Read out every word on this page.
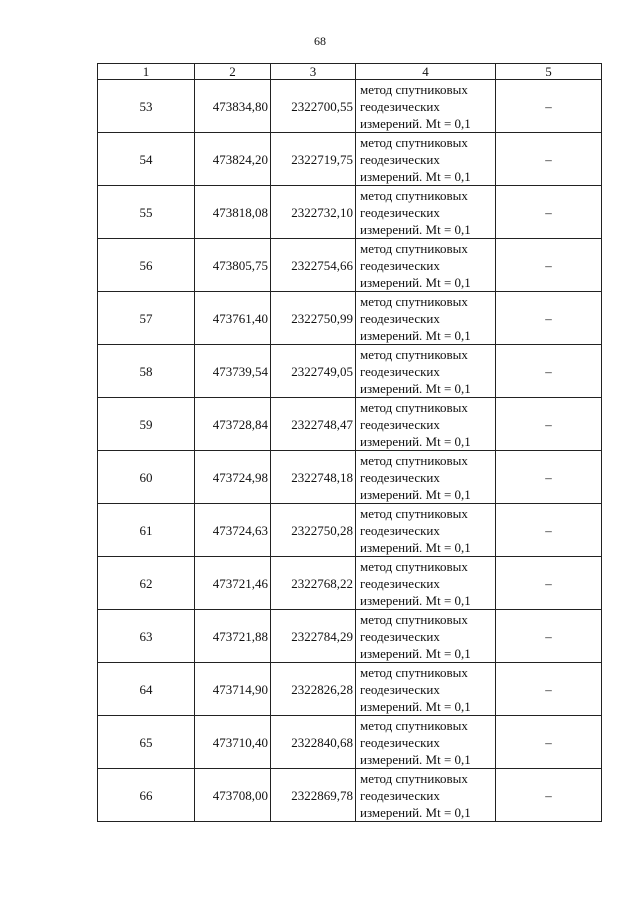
68
1	2	3	4	5
53	473834,80	2322700,55	метод спутниковых
геодезических
измерений. Mt = 0,1	–
54	473824,20	2322719,75	метод спутниковых
геодезических
измерений. Mt = 0,1	–
55	473818,08	2322732,10	метод спутниковых
геодезических
измерений. Mt = 0,1	–
56	473805,75	2322754,66	метод спутниковых
геодезических
измерений. Mt = 0,1	–
57	473761,40	2322750,99	метод спутниковых
геодезических
измерений. Mt = 0,1	–
58	473739,54	2322749,05	метод спутниковых
геодезических
измерений. Mt = 0,1	–
59	473728,84	2322748,47	метод спутниковых
геодезических
измерений. Mt = 0,1	–
60	473724,98	2322748,18	метод спутниковых
геодезических
измерений. Mt = 0,1	–
61	473724,63	2322750,28	метод спутниковых
геодезических
измерений. Mt = 0,1	–
62	473721,46	2322768,22	метод спутниковых
геодезических
измерений. Mt = 0,1	–
63	473721,88	2322784,29	метод спутниковых
геодезических
измерений. Mt = 0,1	–
64	473714,90	2322826,28	метод спутниковых
геодезических
измерений. Mt = 0,1	–
65	473710,40	2322840,68	метод спутниковых
геодезических
измерений. Mt = 0,1	–
66	473708,00	2322869,78	метод спутниковых
геодезических
измерений. Mt = 0,1	–
